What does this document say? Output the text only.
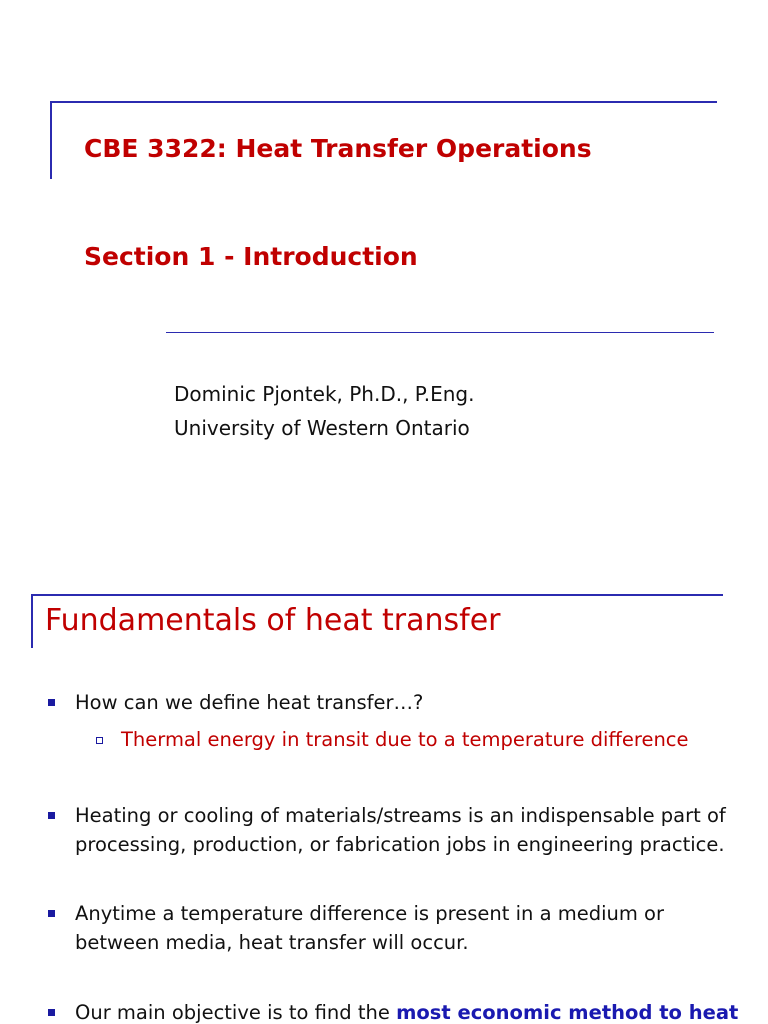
CBE 3322: Heat Transfer Operations
Section 1 - Introduction
Dominic Pjontek, Ph.D., P.Eng.
University of Western Ontario
Fundamentals of heat transfer
How can we define heat transfer…?
Thermal energy in transit due to a temperature difference
Heating or cooling of materials/streams is an indispensable part of
processing, production, or fabrication jobs in engineering practice.
Anytime a temperature difference is present in a medium or
between media, heat transfer will occur.
Our main objective is to find the most economic method to heat
